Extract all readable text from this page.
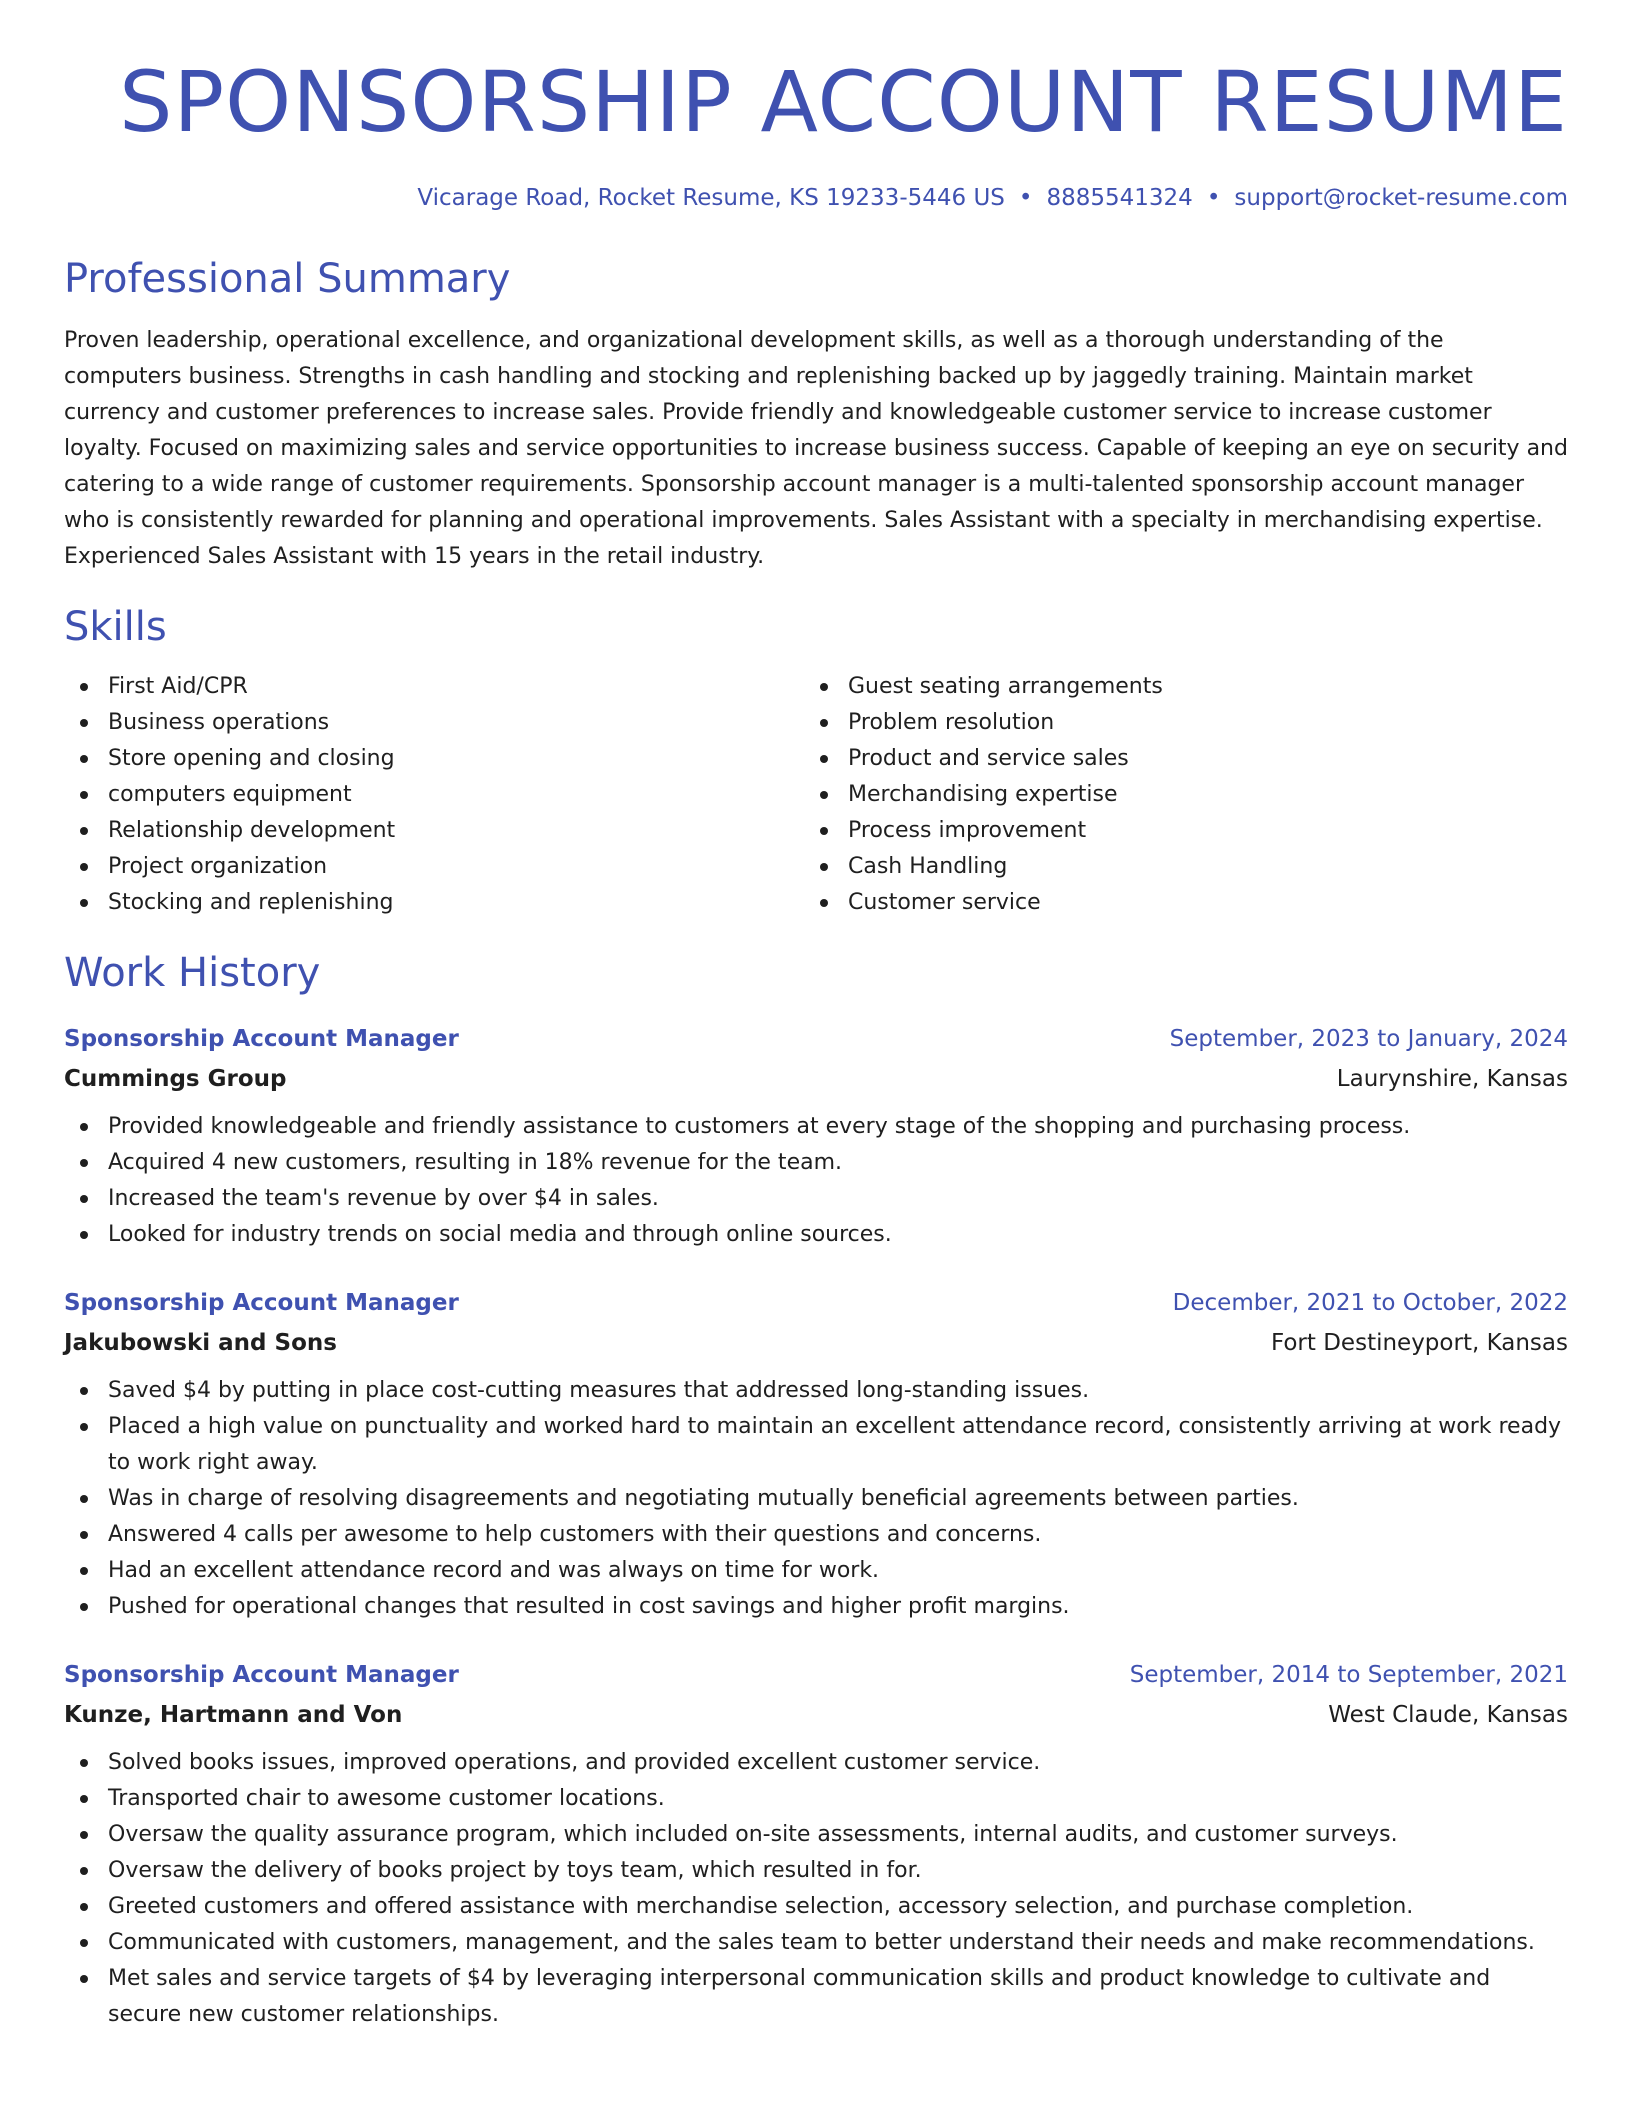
SPONSORSHIP ACCOUNT RESUME
Vicarage Road, Rocket Resume, KS 19233-5446 US • 8885541324 • support@rocket-resume.com
Professional Summary

Proven leadership, operational excellence, and organizational development skills, as well as a thorough understanding of the computers business. Strengths in cash handling and stocking and replenishing backed up by jaggedly training. Maintain market currency and customer preferences to increase sales. Provide friendly and knowledgeable customer service to increase customer loyalty. Focused on maximizing sales and service opportunities to increase business success. Capable of keeping an eye on security and catering to a wide range of customer requirements. Sponsorship account manager is a multi-talented sponsorship account manager who is consistently rewarded for planning and operational improvements. Sales Assistant with a specialty in merchandising expertise. Experienced Sales Assistant with 15 years in the retail industry.

Skills
First Aid/CPR
Business operations
Store opening and closing
computers equipment
Relationship development
Project organization
Stocking and replenishing
Guest seating arrangements
Problem resolution
Product and service sales
Merchandising expertise
Process improvement
Cash Handling
Customer service
Work History
Sponsorship Account Manager	September, 2023 to January, 2024
Cummings Group	Laurynshire, Kansas
Provided knowledgeable and friendly assistance to customers at every stage of the shopping and purchasing process.
Acquired 4 new customers, resulting in 18% revenue for the team.
Increased the team's revenue by over $4 in sales.
Looked for industry trends on social media and through online sources.
Sponsorship Account Manager	December, 2021 to October, 2022
Jakubowski and Sons	Fort Destineyport, Kansas
Saved $4 by putting in place cost-cutting measures that addressed long-standing issues.
Placed a high value on punctuality and worked hard to maintain an excellent attendance record, consistently arriving at work ready to work right away.
Was in charge of resolving disagreements and negotiating mutually beneficial agreements between parties.
Answered 4 calls per awesome to help customers with their questions and concerns.
Had an excellent attendance record and was always on time for work.
Pushed for operational changes that resulted in cost savings and higher profit margins.
Sponsorship Account Manager	September, 2014 to September, 2021
Kunze, Hartmann and Von	West Claude, Kansas
Solved books issues, improved operations, and provided excellent customer service.
Transported chair to awesome customer locations.
Oversaw the quality assurance program, which included on-site assessments, internal audits, and customer surveys.
Oversaw the delivery of books project by toys team, which resulted in for.
Greeted customers and offered assistance with merchandise selection, accessory selection, and purchase completion.
Communicated with customers, management, and the sales team to better understand their needs and make recommendations.
Met sales and service targets of $4 by leveraging interpersonal communication skills and product knowledge to cultivate and secure new customer relationships.
